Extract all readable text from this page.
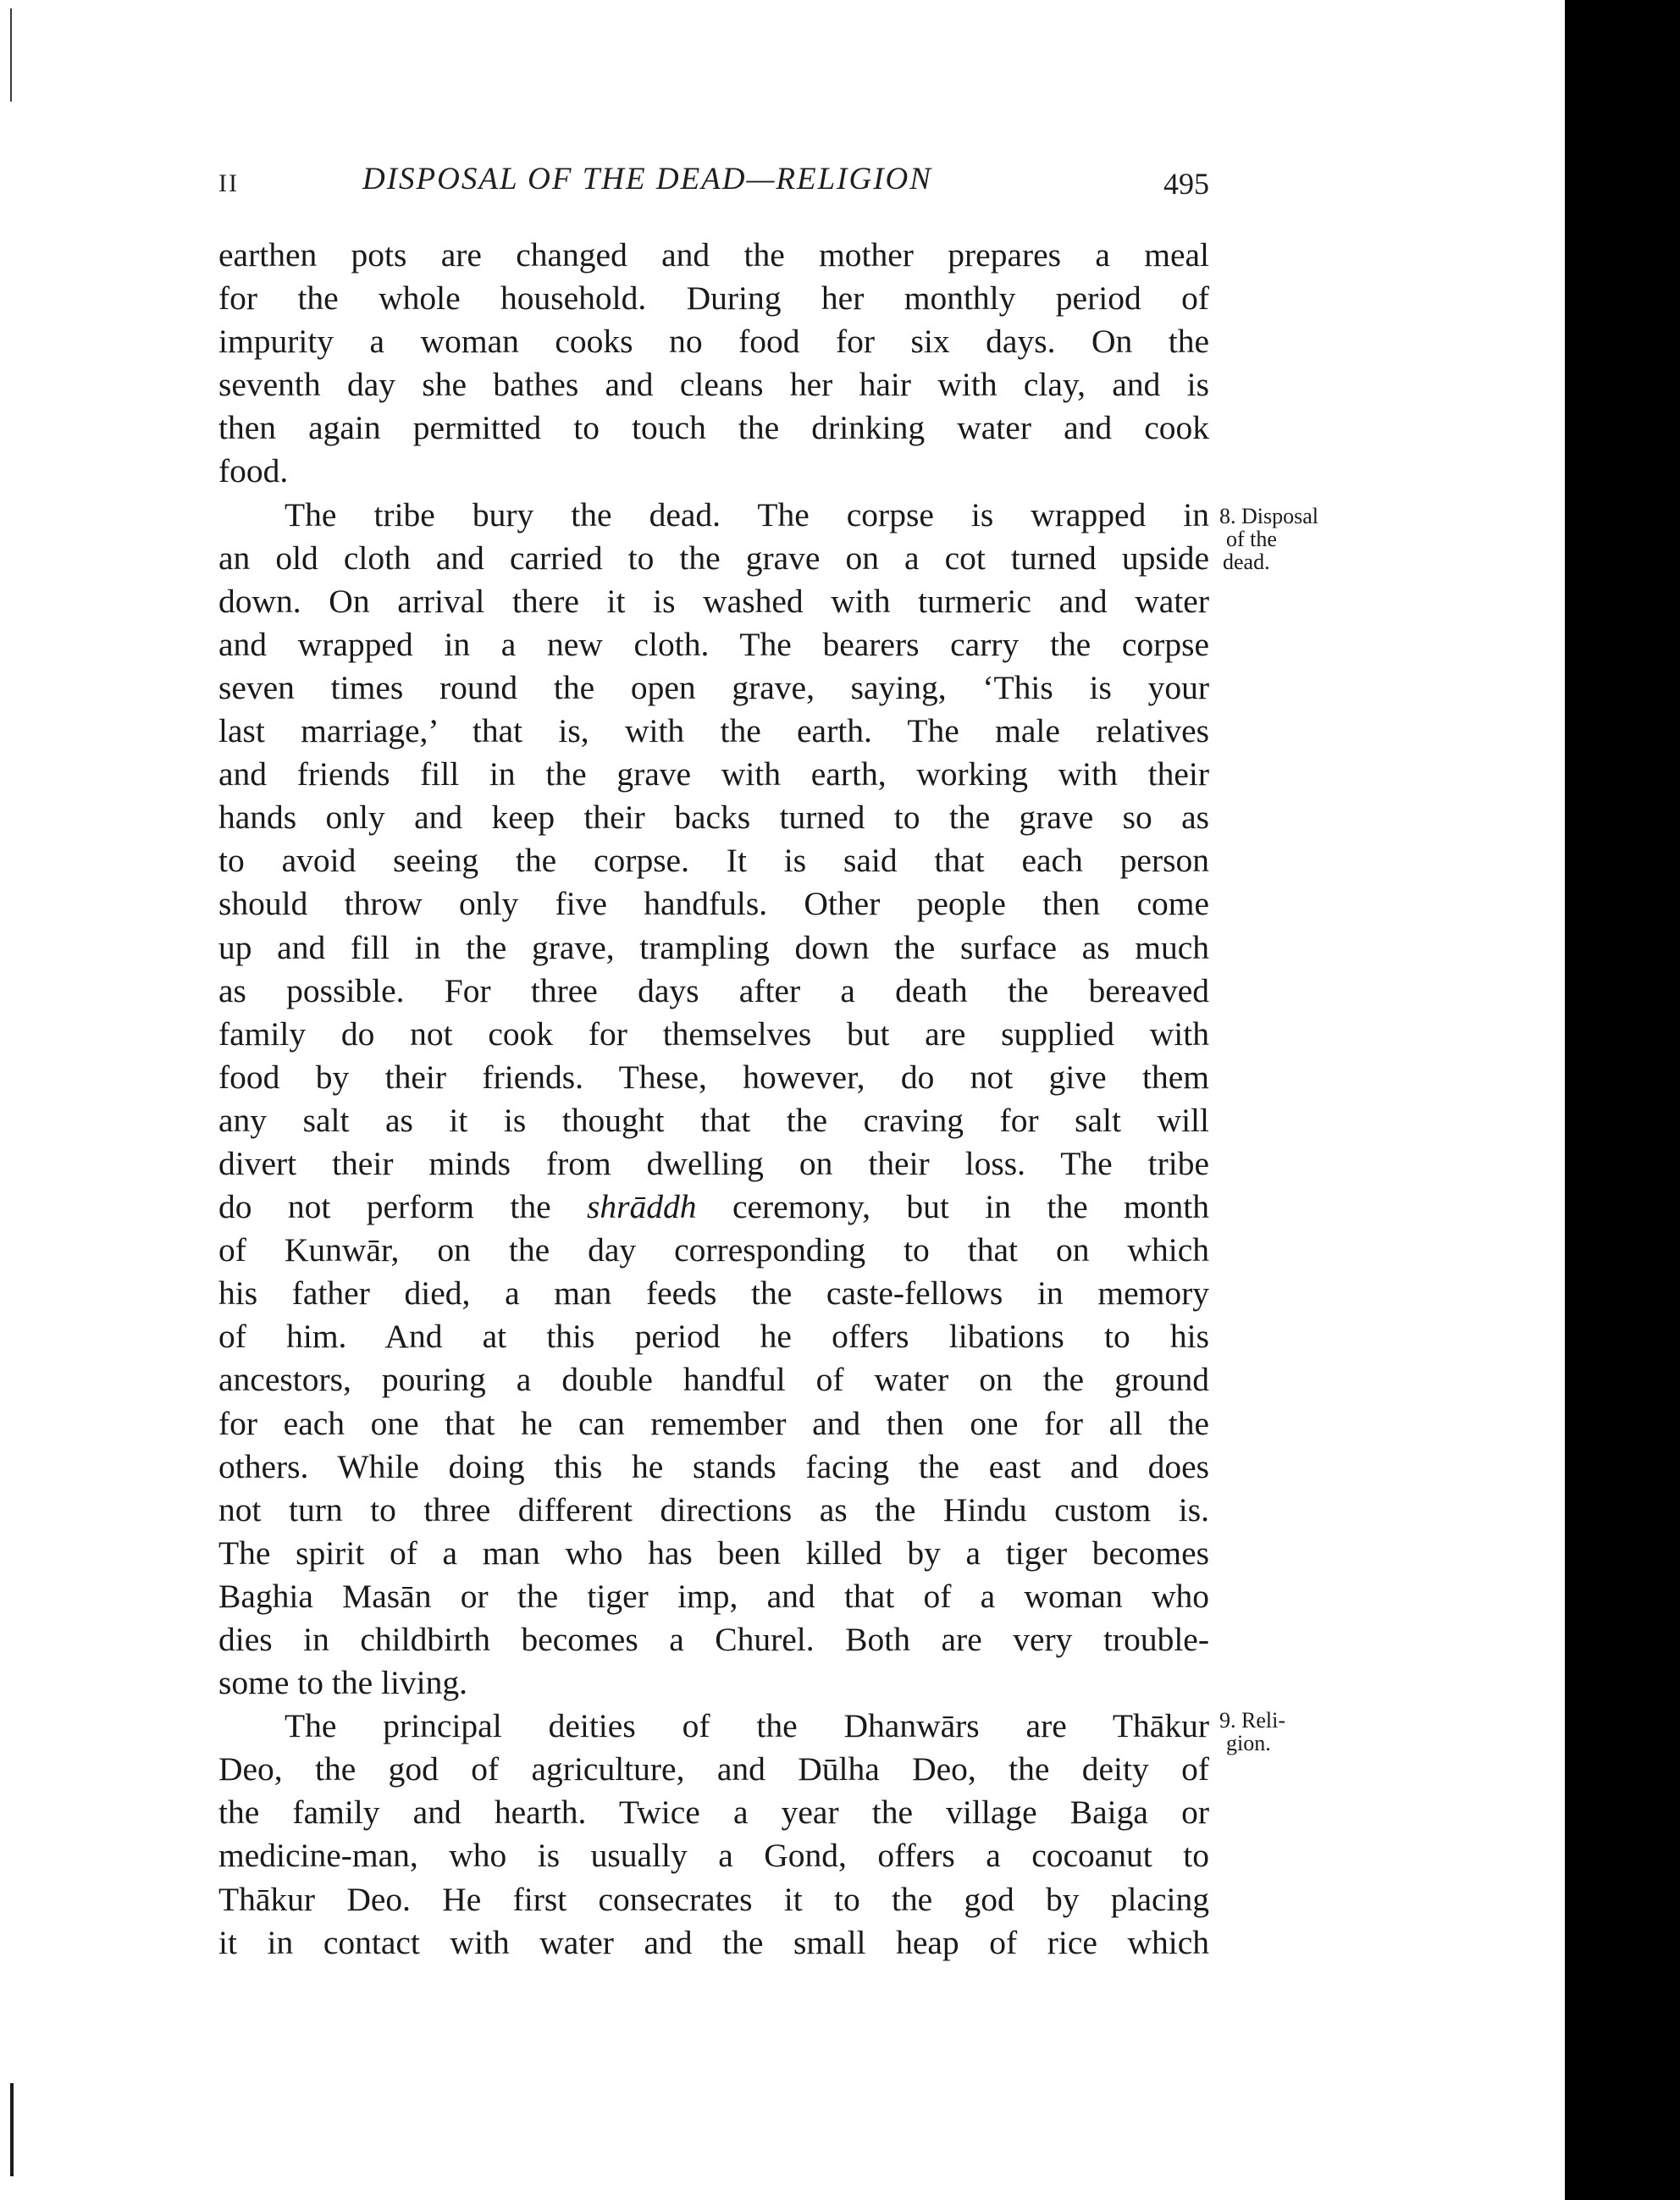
II	DISPOSAL OF THE DEAD—RELIGION	495
earthen pots are changed and the mother prepares a meal
for the whole household. During her monthly period of
impurity a woman cooks no food for six days. On the
seventh day she bathes and cleans her hair with clay, and is
then again permitted to touch the drinking water and cook
food.
The tribe bury the dead. The corpse is wrapped in
an old cloth and carried to the grave on a cot turned upside
down. On arrival there it is washed with turmeric and water
and wrapped in a new cloth. The bearers carry the corpse
seven times round the open grave, saying, ‘This is your
last marriage,’ that is, with the earth. The male relatives
and friends fill in the grave with earth, working with their
hands only and keep their backs turned to the grave so as
to avoid seeing the corpse. It is said that each person
should throw only five handfuls. Other people then come
up and fill in the grave, trampling down the surface as much
as possible. For three days after a death the bereaved
family do not cook for themselves but are supplied with
food by their friends. These, however, do not give them
any salt as it is thought that the craving for salt will
divert their minds from dwelling on their loss. The tribe
do not perform the shrāddh ceremony, but in the month
of Kunwār, on the day corresponding to that on which
his father died, a man feeds the caste-fellows in memory
of him. And at this period he offers libations to his
ancestors, pouring a double handful of water on the ground
for each one that he can remember and then one for all the
others. While doing this he stands facing the east and does
not turn to three different directions as the Hindu custom is.
The spirit of a man who has been killed by a tiger becomes
Baghia Masān or the tiger imp, and that of a woman who
dies in childbirth becomes a Churel. Both are very trouble-
some to the living.
The principal deities of the Dhanwārs are Thākur
Deo, the god of agriculture, and Dūlha Deo, the deity of
the family and hearth. Twice a year the village Baiga or
medicine-man, who is usually a Gond, offers a cocoanut to
Thākur Deo. He first consecrates it to the god by placing
it in contact with water and the small heap of rice which
8. Disposal
of the
dead.
9. Reli-
gion.
